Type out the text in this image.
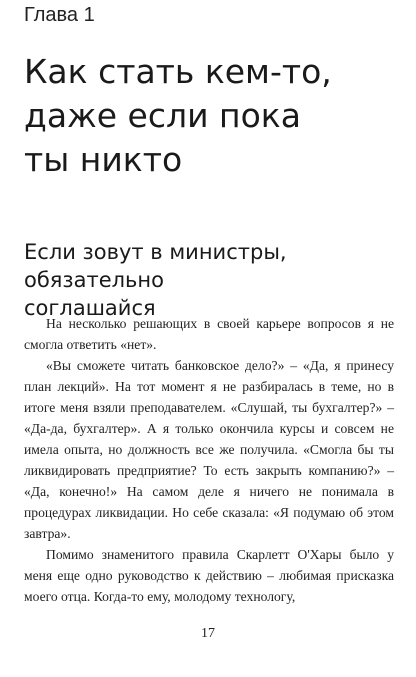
Глава 1
Как стать кем-то,
даже если пока
ты никто
Если зовут в министры, обязательно
соглашайся

На несколько решающих в своей карьере вопросов я не смогла ответить «нет».

«Вы сможете читать банковское дело?» – «Да, я принесу план лекций». На тот момент я не разбиралась в теме, но в итоге меня взяли преподавателем. «Слушай, ты бухгалтер?» – «Да-да, бухгалтер». А я только окончила курсы и совсем не имела опыта, но должность все же получила. «Смогла бы ты ликвидировать предприятие? То есть закрыть компанию?» – «Да, конечно!» На самом деле я ничего не понимала в процедурах ликвидации. Но себе сказала: «Я подумаю об этом завтра».

Помимо знаменитого правила Скарлетт О'Хары было у меня еще одно руководство к действию – любимая присказка моего отца. Когда-то ему, молодому технологу,

17
